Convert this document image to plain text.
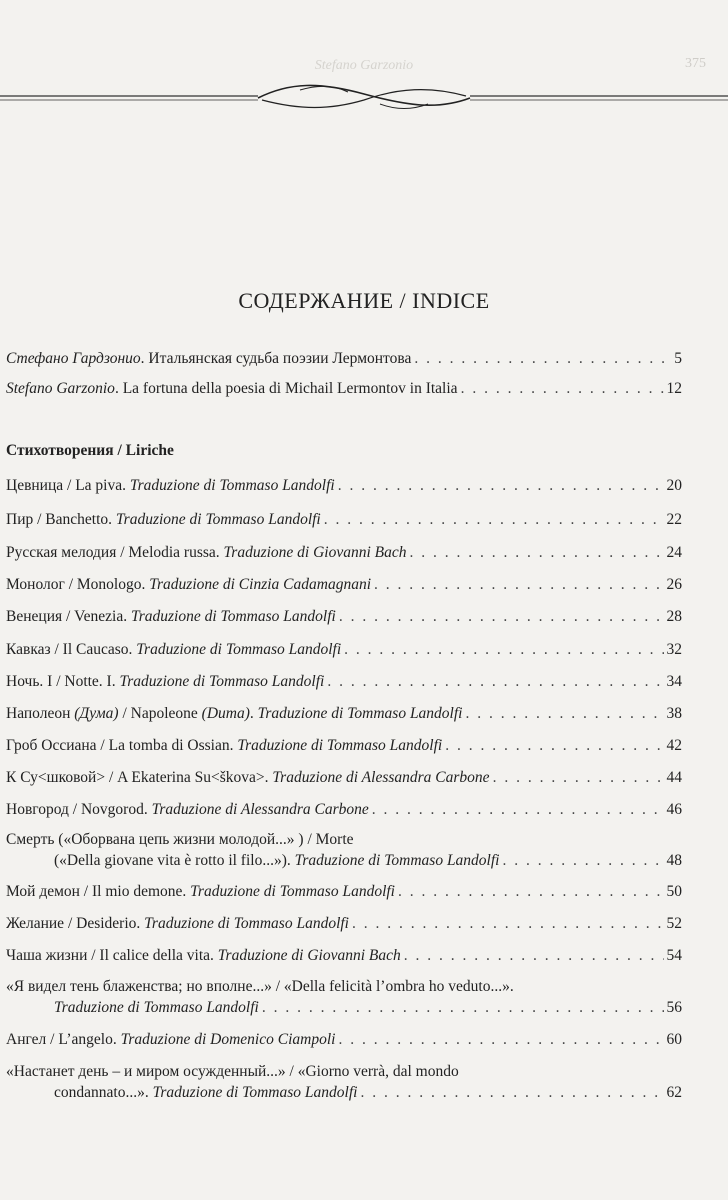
Stefano Garzonio	375
СОДЕРЖАНИЕ / INDICE
Стефано Гардзонио. Итальянская судьба поэзии Лермонтова . . .	5
Stefano Garzonio. La fortuna della poesia di Michail Lermontov in Italia . . .	12
Стихотворения / Liriche
Цевница / La piva. Traduzione di Tommaso Landolfi . . .	20
Пир / Banchetto. Traduzione di Tommaso Landolfi . . .	22
Русская мелодия / Melodia russa. Traduzione di Giovanni Bach . . .	24
Монолог / Monologo. Traduzione di Cinzia Cadamagnani . . .	26
Венеция / Venezia. Traduzione di Tommaso Landolfi . . .	28
Кавказ / Il Caucaso. Traduzione di Tommaso Landolfi . . .	32
Ночь. I / Notte. I. Traduzione di Tommaso Landolfi . . .	34
Наполеон (Дума) / Napoleone (Duma). Traduzione di Tommaso Landolfi . . .	38
Гроб Оссиана / La tomba di Ossian. Traduzione di Tommaso Landolfi . . .	42
К Су<шковой> / A Ekaterina Su<škova>. Traduzione di Alessandra Carbone . . .	44
Новгород / Novgorod. Traduzione di Alessandra Carbone . . .	46
Смерть («Оборвана цепь жизни молодой...» ) / Morte
(«Della giovane vita è rotto il filo...»). Traduzione di Tommaso Landolfi . . .	48
Мой демон / Il mio demone. Traduzione di Tommaso Landolfi . . .	50
Желание / Desiderio. Traduzione di Tommaso Landolfi . . .	52
Чаша жизни / Il calice della vita. Traduzione di Giovanni Bach . . .	54
«Я видел тень блаженства; но вполне...» / «Della felicità l’ombra ho veduto...».
Traduzione di Tommaso Landolfi . . .	56
Ангел / L’angelo. Traduzione di Domenico Ciampoli . . .	60
«Настанет день – и миром осужденный...» / «Giorno verrà, dal mondo
condannato...». Traduzione di Tommaso Landolfi . . .	62
